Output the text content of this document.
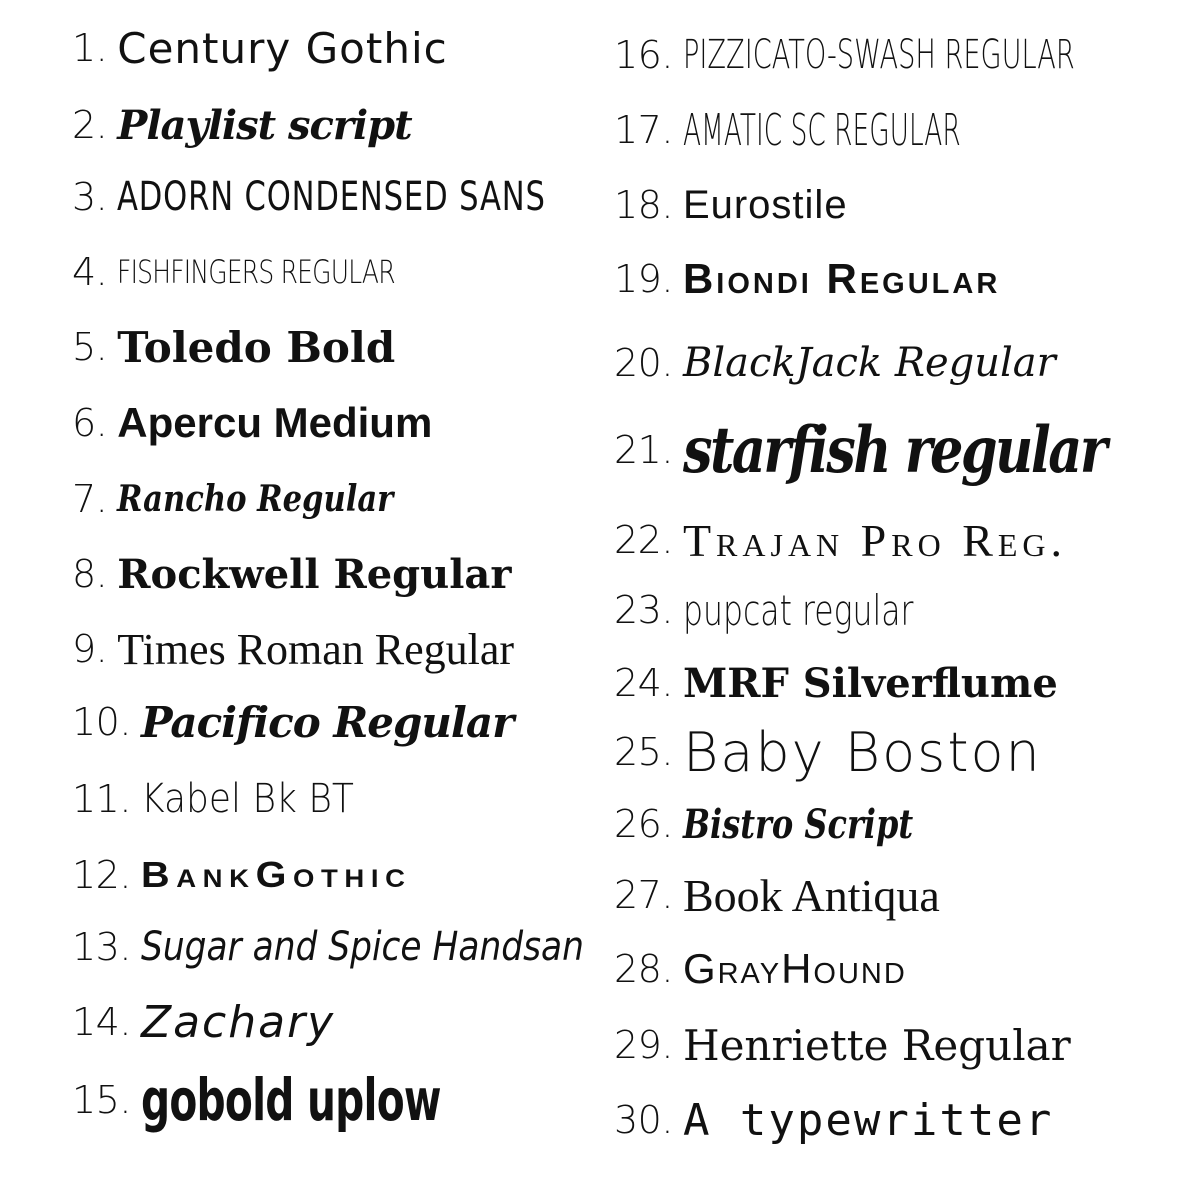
1. Century Gothic
2. Playlist script
3. ADORN CONDENSED SANS
4. FISHFINGERS REGULAR
5. Toledo Bold
6. Apercu Medium
7. Rancho Regular
8. Rockwell Regular
9. Times Roman Regular
10. Pacifico Regular
11. Kabel Bk BT
12. BankGothic
13. Sugar and Spice Handsan
14. Zachary
15. gobold uplow
16. PIZZICATO-SWASH REGULAR
17. AMATIC SC REGULAR
18. Eurostile
19. Biondi Regular
20. BlackJack Regular
21. starfish regular
22. Trajan Pro Reg.
23. pupcat regular
24. MRF Silverflume
25. Baby Boston
26. Bistro Script
27. Book Antiqua
28. GrayHound
29. Henriette Regular
30. A typewritter
